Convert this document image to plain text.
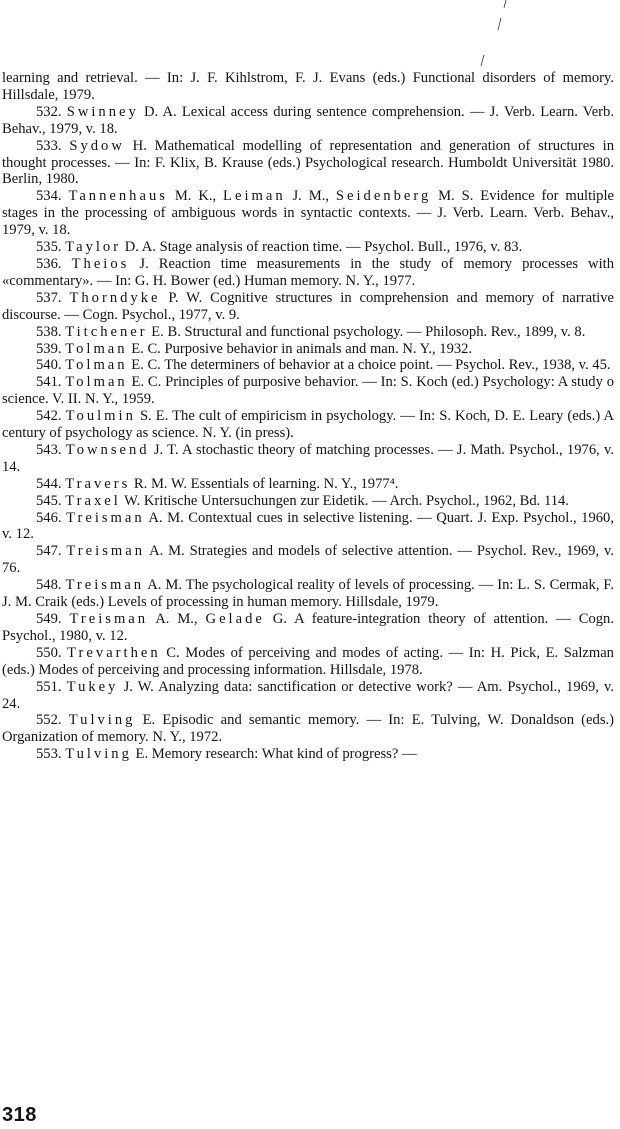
learning and retrieval. — In: J. F. Kihlstrom, F. J. Evans (eds.) Functional disorders of memory. Hillsdale, 1979.

532. Swinney D. A. Lexical access during sentence comprehension. — J. Verb. Learn. Verb. Behav., 1979, v. 18.

533. Sydow H. Mathematical modelling of representation and generation of structures in thought processes. — In: F. Klix, B. Krause (eds.) Psychological research. Humboldt Universität 1980. Berlin, 1980.

534. Tannenhaus M. K., Leiman J. M., Seidenberg M. S. Evidence for multiple stages in the processing of ambiguous words in syntactic contexts. — J. Verb. Learn. Verb. Behav., 1979, v. 18.

535. Taylor D. A. Stage analysis of reaction time. — Psychol. Bull., 1976, v. 83.

536. Theios J. Reaction time measurements in the study of memory processes with «commentary». — In: G. H. Bower (ed.) Human memory. N. Y., 1977.

537. Thorndyke P. W. Cognitive structures in comprehension and memory of narrative discourse. — Cogn. Psychol., 1977, v. 9.

538. Titchener E. B. Structural and functional psychology. — Philosoph. Rev., 1899, v. 8.

539. Tolman E. C. Purposive behavior in animals and man. N. Y., 1932.

540. Tolman E. C. The determiners of behavior at a choice point. — Psychol. Rev., 1938, v. 45.

541. Tolman E. C. Principles of purposive behavior. — In: S. Koch (ed.) Psychology: A study o science. V. II. N. Y., 1959.

542. Toulmin S. E. The cult of empiricism in psychology. — In: S. Koch, D. E. Leary (eds.) A century of psychology as science. N. Y. (in press).

543. Townsend J. T. A stochastic theory of matching processes. — J. Math. Psychol., 1976, v. 14.

544. Travers R. M. W. Essentials of learning. N. Y., 1977⁴.

545. Traxel W. Kritische Untersuchungen zur Eidetik. — Arch. Psychol., 1962, Bd. 114.

546. Treisman A. M. Contextual cues in selective listening. — Quart. J. Exp. Psychol., 1960, v. 12.

547. Treisman A. M. Strategies and models of selective attention. — Psychol. Rev., 1969, v. 76.

548. Treisman A. M. The psychological reality of levels of processing. — In: L. S. Cermak, F. J. M. Craik (eds.) Levels of processing in human memory. Hillsdale, 1979.

549. Treisman A. M., Gelade G. A feature-integration theory of attention. — Cogn. Psychol., 1980, v. 12.

550. Trevarthen C. Modes of perceiving and modes of acting. — In: H. Pick, E. Salzman (eds.) Modes of perceiving and processing information. Hillsdale, 1978.

551. Tukey J. W. Analyzing data: sanctification or detective work? — Am. Psychol., 1969, v. 24.

552. Tulving E. Episodic and semantic memory. — In: E. Tulving, W. Donaldson (eds.) Organization of memory. N. Y., 1972.

553. Tulving E. Memory research: What kind of progress? —

318
